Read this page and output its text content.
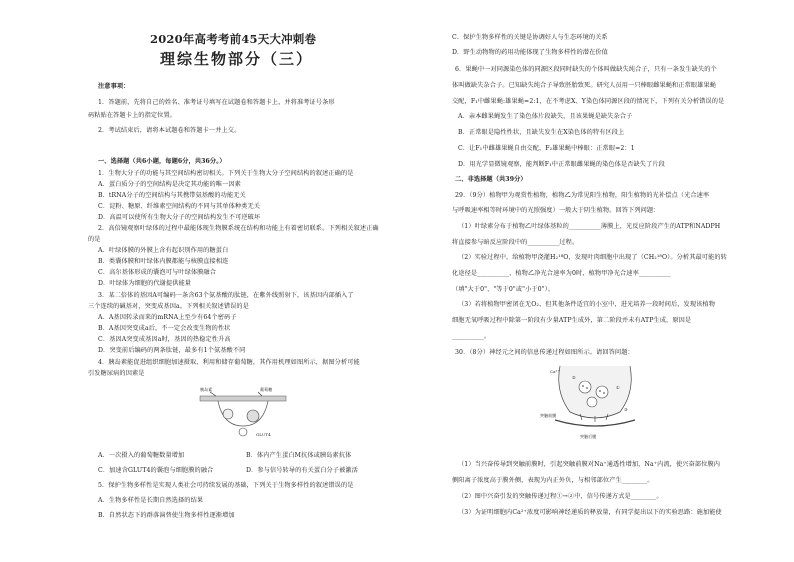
2020年高考考前45天大冲刺卷
理综生物部分（三）
注意事项：
1．答题前，先将自己的姓名、准考证号填写在试题卷和答题卡上，并将准考证号条形
码粘贴在答题卡上的指定位置。
2．考试结束后，请将本试题卷和答题卡一并上交。
一、选择题（共6小题，每题6分，共36分。）
1．生物大分子的功能与其空间结构密切相关。下列关于生物大分子空间结构的叙述正确的是
A．蛋白质分子的空间结构是决定其功能的唯一因素
B．tRNA分子的空间结构与其携带氨基酸的功能无关
C．淀粉、糖原、纤维素空间结构的不同与其单体种类无关
D．高温可以使所有生物大分子的空间结构发生不可逆破坏
2．高倍镜观察叶绿体的过程中最能体现生物膜系统在结构和功能上有着密切联系。下列相关叙述正确
的是
A．叶绿体膜的外膜上含有起识别作用的糖蛋白
B．类囊体膜和叶绿体内膜都能与核膜直接相连
C．高尔基体形成的囊泡可与叶绿体膜融合
D．叶绿体为细胞的代谢提供能量
3．某二倍体的基因A可编码一条含63个氨基酸的肽链，在紫外线照射下，该基因内部插入了
三个连续的碱基对，突变成基因a。下列相关叙述错误的是
A．A基因转录而来的mRNA上至少有64个密码子
B．A基因突变成a后，不一定会改变生物的性状
C．基因A突变成基因a时，基因的热稳定性升高
D．突变前后编码的两条肽链，最多有1个氨基酸不同
4．胰岛素能促进组织细胞加速摄取、利用和储存葡萄糖，其作用机理如图所示，据图分析可能
引发糖尿病的因素是
胰岛素
GLUT4
葡萄糖
A．一次摄入的葡萄糖数量增加	B．体内产生蛋白M抗体或胰岛素抗体
C．加速含GLUT4的囊泡与细胞膜的融合	D．参与信号转导的有关蛋白分子被激活
5．保护生物多样性是实现人类社会可持续发展的基础，下列关于生物多样性的叙述错误的是
A．生物多样性是长期自然选择的结果
B．自然状态下的群落演替使生物多样性逐渐增加
C．保护生物多样性的关键是协调好人与生态环境的关系
D．野生动物物的药用功能体现了生物多样性的潜在价值
6．果蝇中一对同源染色体的同源区段同时缺失的个体叫做缺失纯合子，只有一条发生缺失的个
体叫做缺失杂合子。已知缺失纯合子导致胚胎致死。研究人员用一只棒眼雌果蝇和正常眼雄果蝇
交配，F₁中雌果蝇:雄果蝇=2:1，在不考虑X、Y染色体同源区段的情况下，下列有关分析错误的是
A．亲本雌果蝇发生了染色体片段缺失，且该果蝇是缺失杂合子
B．正常眼是隐性性状，且缺失发生在X染色体的特有区段上
C．让F₁中雌雄果蝇自由交配，F₂雄果蝇中棒眼：正常眼=2：1
D．用光学显微镜观察，能判断F₁中正常眼雌果蝇的染色体是否缺失了片段
二、非选择题（共39分）
29．（9分）植物甲为观赏性植物，植物乙为常见阳生植物，阳生植物的光补偿点（光合速率
与呼吸速率相等时环境中的光照强度）一般大于阴生植物。回答下列问题：
（1）叶绿素分布于植物乙叶绿体基粒的__________薄膜上，光反应阶段产生的ATP和NADPH
将直接参与暗反应阶段中的__________过程。
（2）实验过程中，给植物甲浇灌H₂¹⁸O，发现叶肉细胞中出现了（CH₂¹⁸O）。分析其最可能的转
化途径是__________，植物乙净光合速率为0时，植物甲净光合速率__________
（填"大于0"、"等于0"或"小于0"）。
（3）若将植物甲密闭在无O₂、但其他条件适宜的小室中，进光培养一段时间后，发现该植物
细胞无氧呼吸过程中除第一阶段有少量ATP生成外，第二阶段并未有ATP生成，原因是
__________。
30．（8分）神经元之间的信息传递过程如图所示。请回答问题：
Ca²⁺
②
①
③
突触前膜
突触后膜
（1）当兴奋传导到突触前膜时，引起突触前膜对Na⁺通透性增加，Na⁺内流，使兴奋部位膜内
侧阳离子浓度高于膜外侧，表现为内正外负，与相邻部位产生________。
（2）图中兴奋引发的突触传递过程①→②中，信号传递方式是________。
（3）为证明细胞内Ca²⁺浓度可影响神经递质的释放量，有同学提出以下的实验思路：施加能使
